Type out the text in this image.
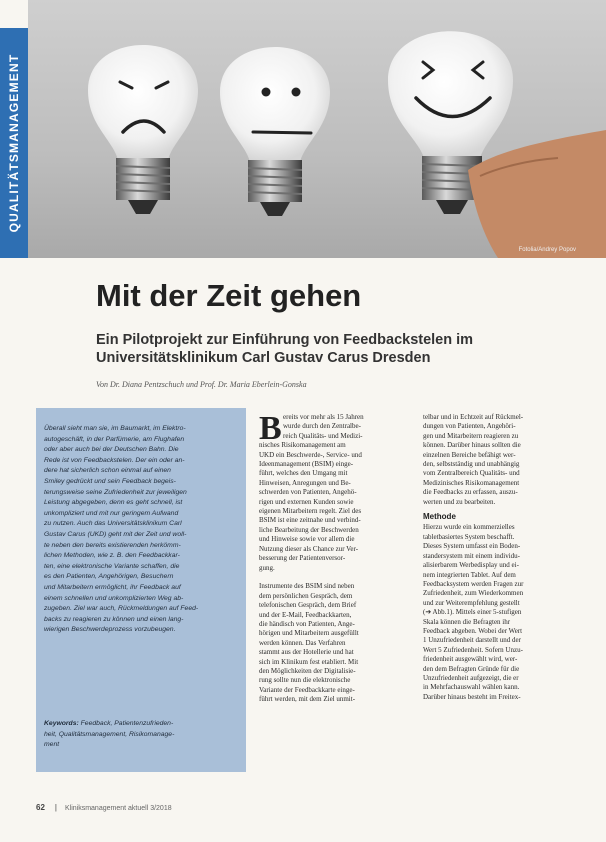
QUALITÄTSMANAGEMENT
Fotolia/Andrey Popov
Mit der Zeit gehen
Ein Pilotprojekt zur Einführung von Feedbackstelen im
Universitätsklinikum Carl Gustav Carus Dresden
Von Dr. Diana Pentzschuch und Prof. Dr. Maria Eberlein-Gonska
Überall sieht man sie, im Baumarkt, im Elektro-
autogeschäft, in der Parfümerie, am Flughafen
oder aber auch bei der Deutschen Bahn. Die
Rede ist von Feedbackstelen. Der ein oder an-
dere hat sicherlich schon einmal auf einen
Smiley gedrückt und sein Feedback begeis-
terungsweise seine Zufriedenheit zur jeweiligen
Leistung abgegeben, denn es geht schnell, ist
unkompliziert und mit nur geringem Aufwand
zu nutzen. Auch das Universitätsklinikum Carl
Gustav Carus (UKD) geht mit der Zeit und woll-
te neben den bereits existierenden herkömm-
lichen Methoden, wie z. B. den Feedbackkar-
ten, eine elektronische Variante schaffen, die
es den Patienten, Angehörigen, Besuchern
und Mitarbeitern ermöglicht, ihr Feedback auf
einem schnellen und unkomplizierten Weg ab-
zugeben. Ziel war auch, Rückmeldungen auf Feed-
backs zu reagieren zu können und einen lang-
wierigen Beschwerdeprozess vorzubeugen.
Keywords: Feedback, Patientenzufrieden-
heit, Qualitätsmanagement, Risikomanage-
ment
B ereits vor mehr als 15 Jahren
wurde durch den Zentralbe-
reich Qualitäts- und Medizi-
nisches Risikomanagement am
UKD ein Beschwerde-, Service- und
Ideenmanagement (BSIM) einge-
führt, welches den Umgang mit
Hinweisen, Anregungen und Be-
schwerden von Patienten, Angehö-
rigen und externen Kunden sowie
eigenen Mitarbeitern regelt. Ziel des
BSIM ist eine zeitnahe und verbind-
liche Bearbeitung der Beschwerden
und Hinweise sowie vor allem die
Nutzung dieser als Chance zur Ver-
besserung der Patientenversor-
gung.
Instrumente des BSIM sind neben
dem persönlichen Gespräch, dem
telefonischen Gespräch, dem Brief
und der E-Mail, Feedbackkarten,
die händisch von Patienten, Ange-
hörigen und Mitarbeitern ausgefüllt
werden können. Das Verfahren
stammt aus der Hotellerie und hat
sich im Klinikum fest etabliert. Mit
den Möglichkeiten der Digitalisie-
rung sollte nun die elektronische
Variante der Feedbackkarte einge-
führt werden, mit dem Ziel unmit-
telbar und in Echtzeit auf Rückmel-
dungen von Patienten, Angehöri-
gen und Mitarbeitern reagieren zu
können. Darüber hinaus sollten die
einzelnen Bereiche befähigt wer-
den, selbstständig und unabhängig
vom Zentralbereich Qualitäts- und
Medizinisches Risikomanagement
die Feedbacks zu erfassen, auszu-
werten und zu bearbeiten.
Methode
Hierzu wurde ein kommerzielles
tabletbasiertes System beschafft.
Dieses System umfasst ein Boden-
standersystem mit einem individu-
alisierbarem Werbedisplay und ei-
nem integrierten Tablet. Auf dem
Feedbacksystem werden Fragen zur
Zufriedenheit, zum Wiederkommen
und zur Weiterempfehlung gestellt
(➔ Abb.1). Mittels einer 5-stufigen
Skala können die Befragten ihr
Feedback abgeben. Wobei der Wert
1 Unzufriedenheit darstellt und der
Wert 5 Zufriedenheit. Sofern Unzu-
friedenheit ausgewählt wird, wer-
den dem Befragten Gründe für die
Unzufriedenheit aufgezeigt, die er
in Mehrfachauswahl wählen kann.
Darüber hinaus besteht im Freitex-
62 | Kliniksmanagement aktuell 3/2018
